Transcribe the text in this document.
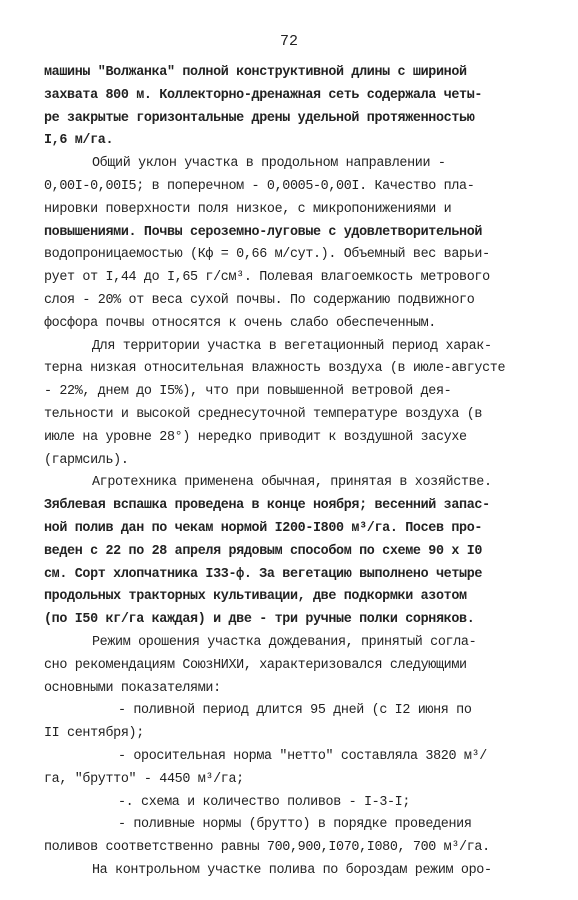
72
машины "Волжанка" полной конструктивной длины с шириной
захвата 800 м. Коллекторно-дренажная сеть содержала четы-
ре закрытые горизонтальные дрены удельной протяженностью
I,6 м/га.
Общий уклон участка в продольном направлении -
0,00I-0,00I5; в поперечном - 0,0005-0,00I. Качество пла-
нировки поверхности поля низкое, с микропонижениями и
повышениями. Почвы сероземно-луговые с удовлетворительной
водопроницаемостью (Кф = 0,66 м/сут.). Объемный вес варьи-
рует от I,44 до I,65 г/см³. Полевая влагоемкость метрового
слоя - 20% от веса сухой почвы. По содержанию подвижного
фосфора почвы относятся к очень слабо обеспеченным.
Для территории участка в вегетационный период харак-
терна низкая относительная влажность воздуха (в июле-августе
- 22%, днем до I5%), что при повышенной ветровой дея-
тельности и высокой среднесуточной температуре воздуха (в
июле на уровне 28°) нередко приводит к воздушной засухе
(гармсиль).
Агротехника применена обычная, принятая в хозяйстве.
Зяблевая вспашка проведена в конце ноября; весенний запас-
ной полив дан по чекам нормой I200-I800 м³/га. Посев про-
веден с 22 по 28 апреля рядовым способом по схеме 90 х I0
см. Сорт хлопчатника I33-ф. За вегетацию выполнено четыре
продольных тракторных культивации, две подкормки азотом
(по I50 кг/га каждая) и две - три ручные полки сорняков.
Режим орошения участка дождевания, принятый согла-
сно рекомендациям СоюзНИХИ, характеризовался следующими
основными показателями:
- поливной период длится 95 дней (с I2 июня по
II сентября);
- оросительная норма "нетто" составляла 3820 м³/
га, "брутто" - 4450 м³/га;
-. схема и количество поливов - I-3-I;
- поливные нормы (брутто) в порядке проведения
поливов соответственно равны 700,900,I070,I080, 700 м³/га.
На контрольном участке полива по бороздам режим оро-
